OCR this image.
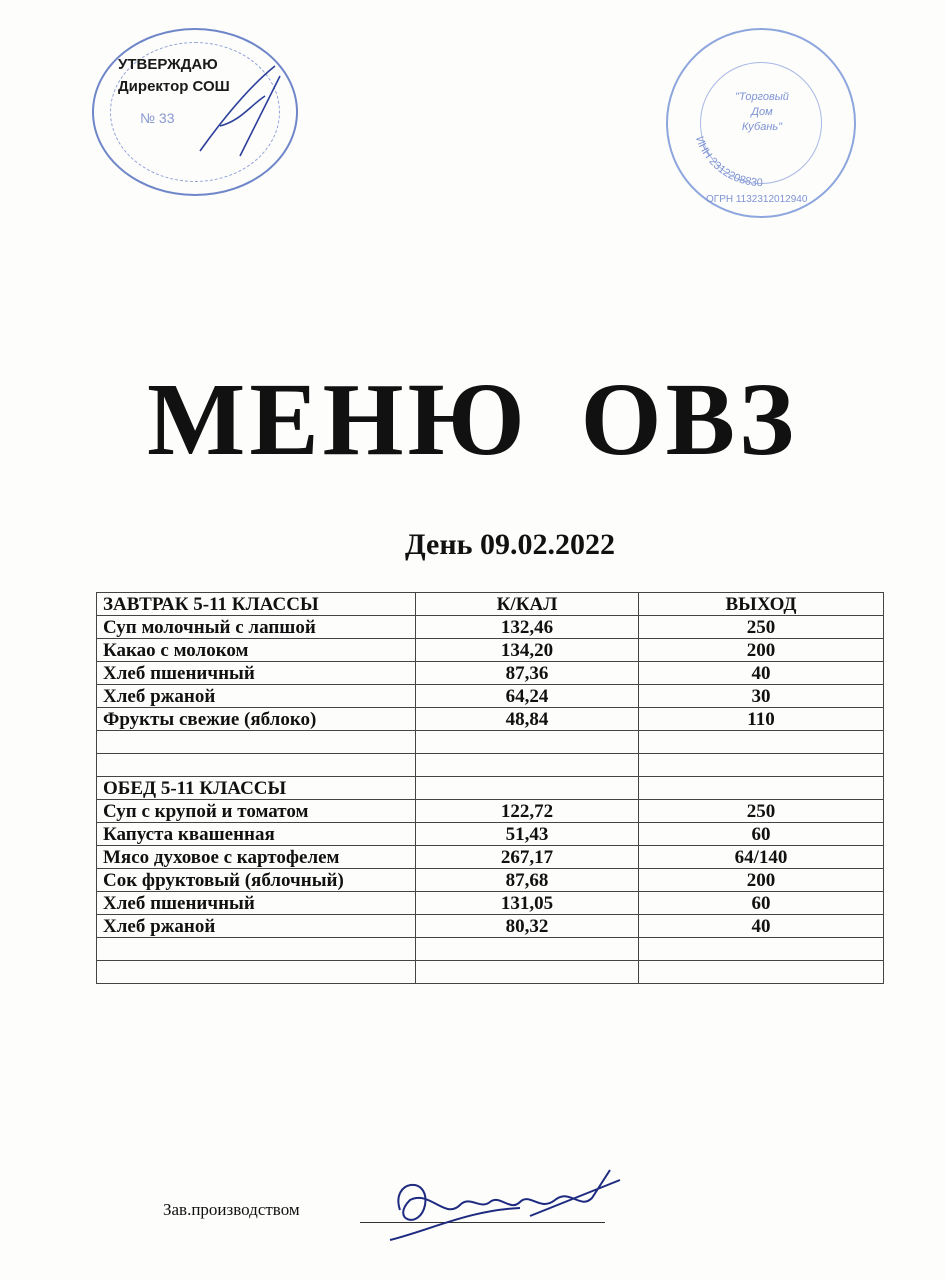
УТВЕРЖДАЮ
Директор СОШ
№ 33
ИНН 2312208830
"Торговый
Дом
Кубань"
ОГРН 1132312012940
МЕНЮ ОВЗ
День 09.02.2022
ЗАВТРАК 5-11 КЛАССЫ	К/КАЛ	ВЫХОД
Суп молочный с лапшой	132,46	250
Какао с молоком	134,20	200
Хлеб пшеничный	87,36	40
Хлеб ржаной	64,24	30
Фрукты свежие (яблоко)	48,84	110

ОБЕД 5-11 КЛАССЫ		
Суп с крупой и томатом	122,72	250
Капуста квашенная	51,43	60
Мясо духовое с картофелем	267,17	64/140
Сок фруктовый (яблочный)	87,68	200
Хлеб пшеничный	131,05	60
Хлеб ржаной	80,32	40

Зав.производством
